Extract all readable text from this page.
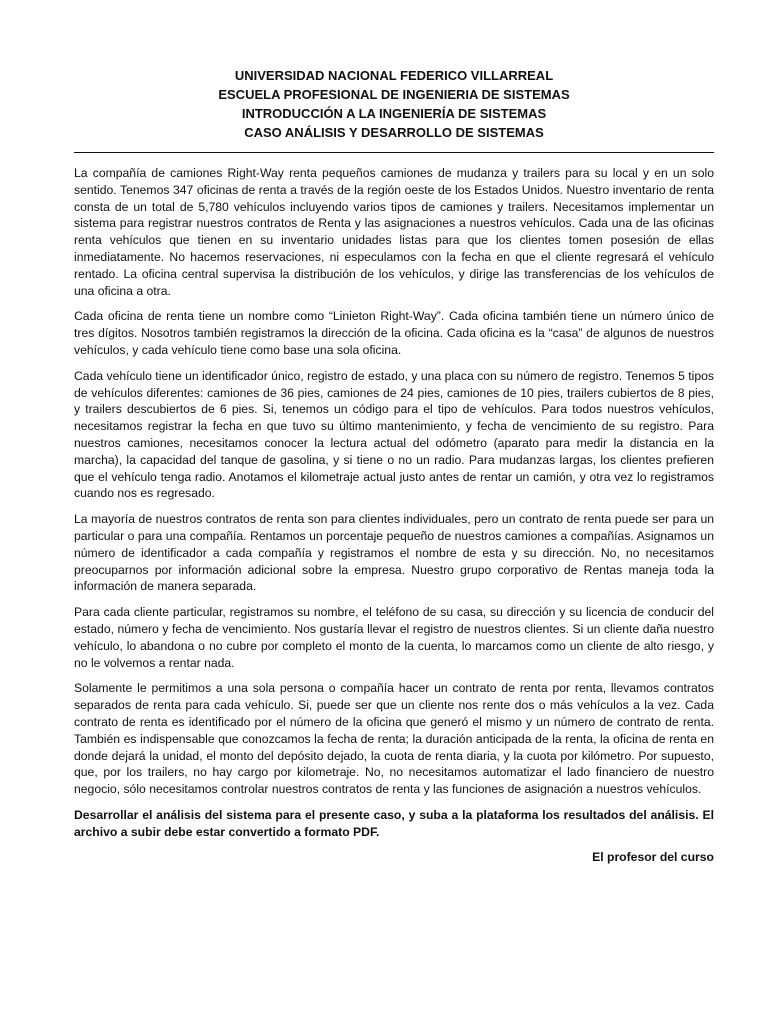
UNIVERSIDAD NACIONAL FEDERICO VILLARREAL
ESCUELA PROFESIONAL DE INGENIERIA DE SISTEMAS
INTRODUCCIÓN A LA INGENIERÍA DE SISTEMAS
CASO ANÁLISIS Y DESARROLLO DE SISTEMAS

La compañía de camiones Right-Way renta pequeños camiones de mudanza y trailers para su local y en un solo sentido. Tenemos 347 oficinas de renta a través de la región oeste de los Estados Unidos. Nuestro inventario de renta consta de un total de 5,780 vehículos incluyendo varios tipos de camiones y trailers. Necesitamos implementar un sistema para registrar nuestros contratos de Renta y las asignaciones a nuestros vehículos. Cada una de las oficinas renta vehículos que tienen en su inventario unidades listas para que los clientes tomen posesión de ellas inmediatamente. No hacemos reservaciones, ni especulamos con la fecha en que el cliente regresará el vehículo rentado. La oficina central supervisa la distribución de los vehículos, y dirige las transferencias de los vehículos de una oficina a otra.

Cada oficina de renta tiene un nombre como “Linieton Right-Way”. Cada oficina también tiene un número único de tres dígitos. Nosotros también registramos la dirección de la oficina. Cada oficina es la “casa” de algunos de nuestros vehículos, y cada vehículo tiene como base una sola oficina.

Cada vehículo tiene un identificador único, registro de estado, y una placa con su número de registro. Tenemos 5 tipos de vehículos diferentes: camiones de 36 pies, camiones de 24 pies, camiones de 10 pies, trailers cubiertos de 8 pies, y trailers descubiertos de 6 pies. Si, tenemos un código para el tipo de vehículos. Para todos nuestros vehículos, necesitamos registrar la fecha en que tuvo su último mantenimiento, y fecha de vencimiento de su registro. Para nuestros camiones, necesitamos conocer la lectura actual del odómetro (aparato para medir la distancia en la marcha), la capacidad del tanque de gasolina, y si tiene o no un radio. Para mudanzas largas, los clientes prefieren que el vehículo tenga radio. Anotamos el kilometraje actual justo antes de rentar un camión, y otra vez lo registramos cuando nos es regresado.

La mayoría de nuestros contratos de renta son para clientes individuales, pero un contrato de renta puede ser para un particular o para una compañía. Rentamos un porcentaje pequeño de nuestros camiones a compañías. Asignamos un número de identificador a cada compañía y registramos el nombre de esta y su dirección. No, no necesitamos preocuparnos por información adicional sobre la empresa. Nuestro grupo corporativo de Rentas maneja toda la información de manera separada.

Para cada cliente particular, registramos su nombre, el teléfono de su casa, su dirección y su licencia de conducir del estado, número y fecha de vencimiento. Nos gustaría llevar el registro de nuestros clientes. Si un cliente daña nuestro vehículo, lo abandona o no cubre por completo el monto de la cuenta, lo marcamos como un cliente de alto riesgo, y no le volvemos a rentar nada.

Solamente le permitimos a una sola persona o compañía hacer un contrato de renta por renta, llevamos contratos separados de renta para cada vehículo. Si, puede ser que un cliente nos rente dos o más vehículos a la vez. Cada contrato de renta es identificado por el número de la oficina que generó el mismo y un número de contrato de renta. También es indispensable que conozcamos la fecha de renta; la duración anticipada de la renta, la oficina de renta en donde dejará la unidad, el monto del depósito dejado, la cuota de renta diaria, y la cuota por kilómetro. Por supuesto, que, por los trailers, no hay cargo por kilometraje. No, no necesitamos automatizar el lado financiero de nuestro negocio, sólo necesitamos controlar nuestros contratos de renta y las funciones de asignación a nuestros vehículos.

Desarrollar el análisis del sistema para el presente caso, y suba a la plataforma los resultados del análisis. El archivo a subir debe estar convertido a formato PDF.

El profesor del curso
